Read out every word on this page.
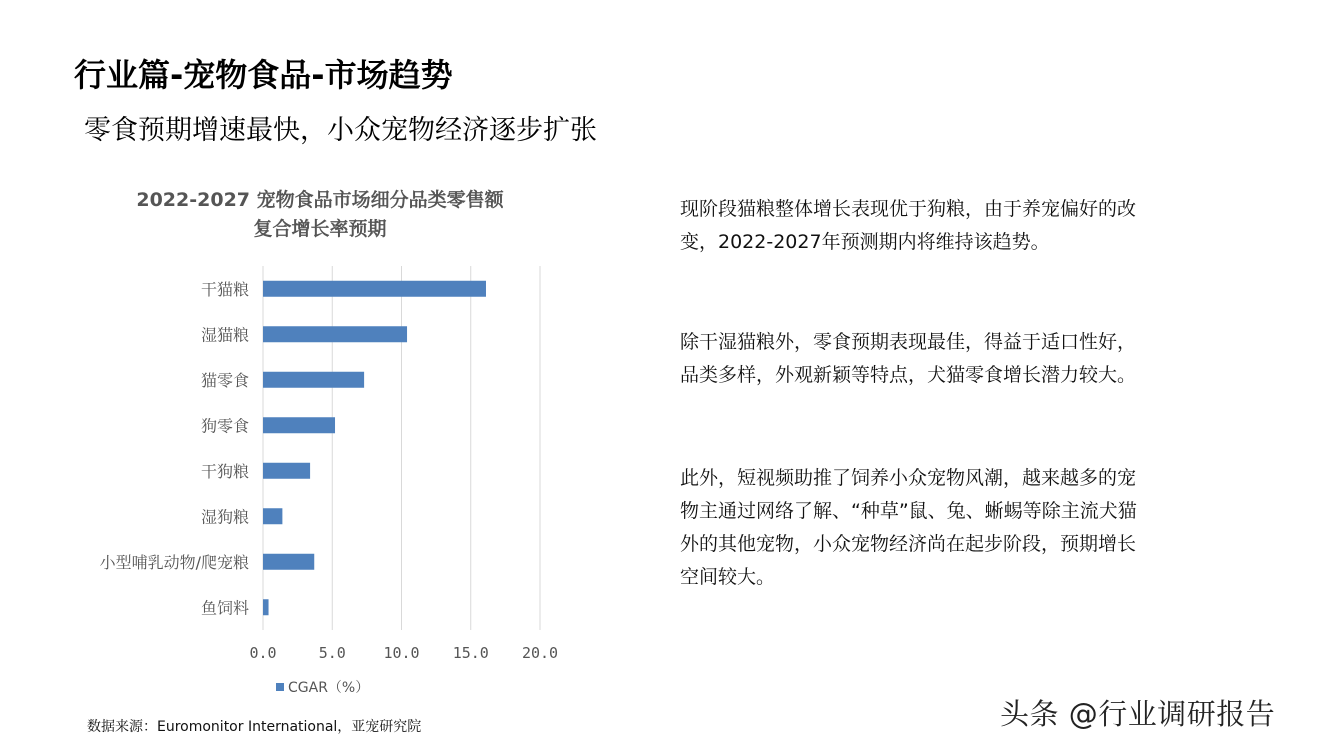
行业篇-宠物食品-市场趋势
零食预期增速最快，小众宠物经济逐步扩张
2022-2027 宠物食品市场细分品类零售额
复合增长率预期
干猫粮
湿猫粮
猫零食
狗零食
干狗粮
湿狗粮
小型哺乳动物/爬宠粮
鱼饲料
0.0	5.0	10.0 15.0 20.0
CGAR（%）
数据来源：Euromonitor International，亚宠研究院

现阶段猫粮整体增长表现优于狗粮，由于养宠偏好的改变，2022-2027年预测期内将维持该趋势。

除干湿猫粮外，零食预期表现最佳，得益于适口性好，品类多样，外观新颖等特点，犬猫零食增长潜力较大。

此外，短视频助推了饲养小众宠物风潮，越来越多的宠物主通过网络了解、“种草”鼠、兔、蜥蜴等除主流犬猫外的其他宠物，小众宠物经济尚在起步阶段，预期增长空间较大。

头条 @行业调研报告
